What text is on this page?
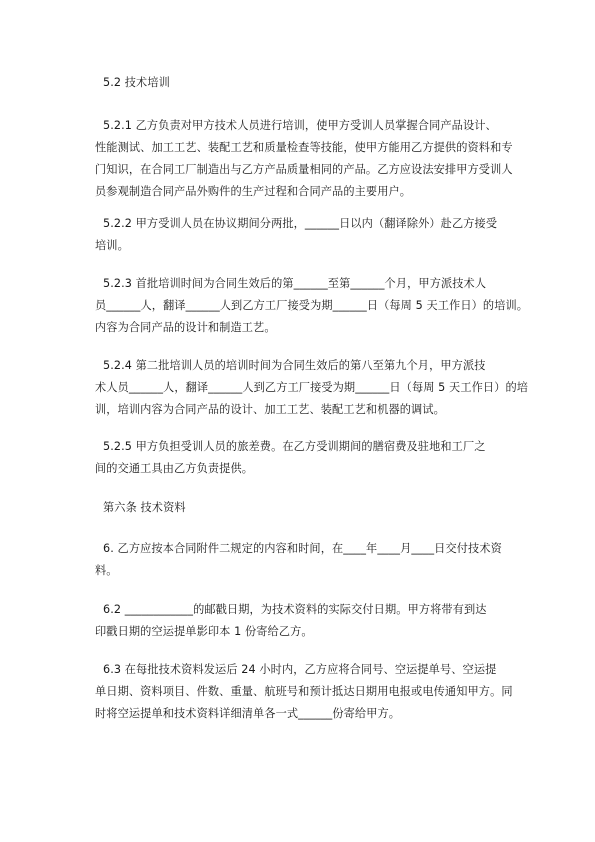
5.2 技术培训
5.2.1 乙方负责对甲方技术人员进行培训，使甲方受训人员掌握合同产品设计、
性能测试、加工工艺、装配工艺和质量检查等技能，使甲方能用乙方提供的资料和专
门知识，在合同工厂制造出与乙方产品质量相同的产品。乙方应设法安排甲方受训人
员参观制造合同产品外购件的生产过程和合同产品的主要用户。
5.2.2 甲方受训人员在协议期间分两批，______日以内（翻译除外）赴乙方接受
培训。
5.2.3 首批培训时间为合同生效后的第______至第______个月，甲方派技术人
员______人，翻译______人到乙方工厂接受为期______日（每周 5 天工作日）的培训。
内容为合同产品的设计和制造工艺。
5.2.4 第二批培训人员的培训时间为合同生效后的第八至第九个月，甲方派技
术人员______人，翻译______人到乙方工厂接受为期______日（每周 5 天工作日）的培
训，培训内容为合同产品的设计、加工工艺、装配工艺和机器的调试。
5.2.5 甲方负担受训人员的旅差费。在乙方受训期间的膳宿费及驻地和工厂之
间的交通工具由乙方负责提供。
第六条 技术资料
6. 乙方应按本合同附件二规定的内容和时间，在____年____月____日交付技术资
料。
6.2 ____________的邮戳日期，为技术资料的实际交付日期。甲方将带有到达
印戳日期的空运提单影印本 1 份寄给乙方。
6.3 在每批技术资料发运后 24 小时内，乙方应将合同号、空运提单号、空运提
单日期、资料项目、件数、重量、航班号和预计抵达日期用电报或电传通知甲方。同
时将空运提单和技术资料详细清单各一式______份寄给甲方。
